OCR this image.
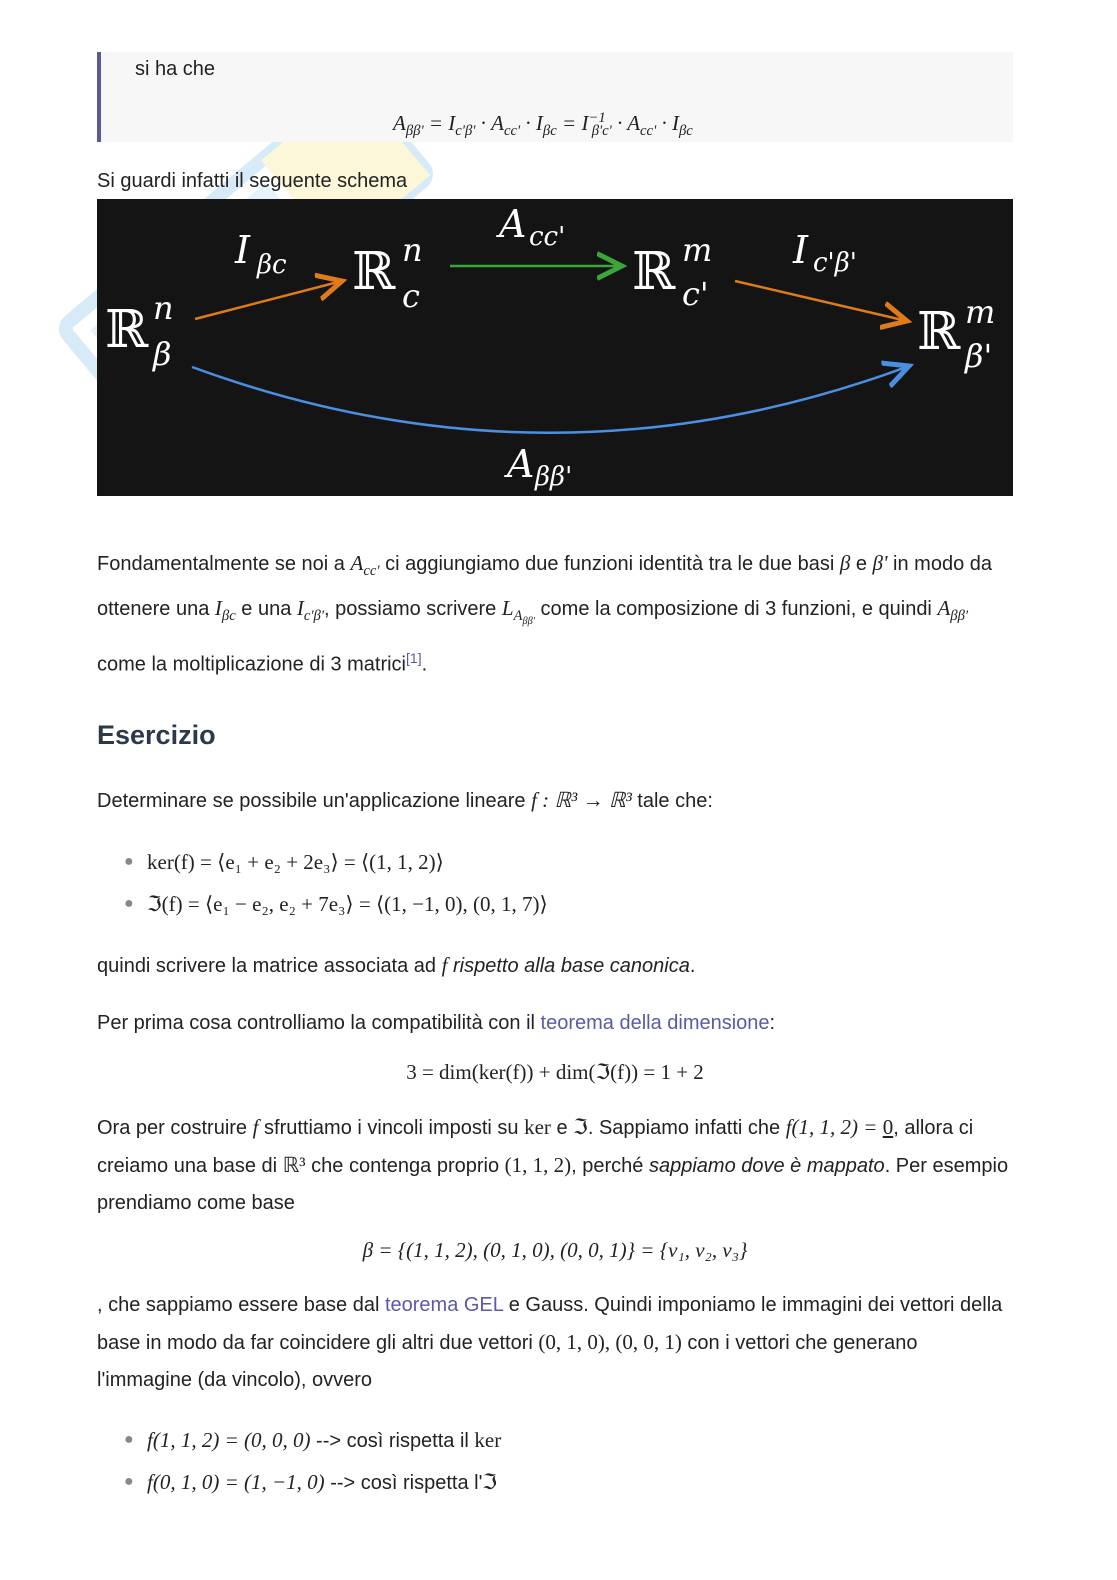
si ha che
$A_{\beta\beta'} = I_{c'\beta'} \cdot A_{cc'} \cdot I_{\beta c} = I^{-1}_{\beta'c'} \cdot A_{cc'} \cdot I_{\beta c}$
Si guardi infatti il seguente schema
ℝ n
β
ℝ n
c	ℝ m
c'
ℝ m
β'
I βc
A cc'	I c'β'
A ββ'
Fondamentalmente se noi a $A_{cc'}$ ci aggiungiamo due funzioni identità tra le due basi β e β' in modo da ottenere una $I_{\beta c}$ e una $I_{c'\beta'}$, possiamo scrivere $L_{A_{\beta\beta'}}$ come la composizione di 3 funzioni, e quindi $A_{\beta\beta'}$ come la moltiplicazione di 3 matrici[1].
Esercizio
Determinare se possibile un'applicazione lineare f : ℝ³ → ℝ³ tale che:
● ker(f) = ⟨e₁ + e₂ + 2e₃⟩ = ⟨(1, 1, 2)⟩
● ℑ(f) = ⟨e₁ − e₂, e₂ + 7e₃⟩ = ⟨(1, −1, 0), (0, 1, 7)⟩
quindi scrivere la matrice associata ad f rispetto alla base canonica.
Per prima cosa controlliamo la compatibilità con il teorema della dimensione:
3 = dim(ker(f)) + dim(ℑ(f)) = 1 + 2
Ora per costruire f sfruttiamo i vincoli imposti su ker e ℑ. Sappiamo infatti che f(1, 1, 2) = 0, allora ci creiamo una base di ℝ³ che contenga proprio (1, 1, 2), perché sappiamo dove è mappato. Per esempio prendiamo come base
β = {(1, 1, 2), (0, 1, 0), (0, 0, 1)} = {v₁, v₂, v₃}
, che sappiamo essere base dal teorema GEL e Gauss. Quindi imponiamo le immagini dei vettori della base in modo da far coincidere gli altri due vettori (0, 1, 0), (0, 0, 1) con i vettori che generano l'immagine (da vincolo), ovvero
● f(1, 1, 2) = (0, 0, 0) --> così rispetta il ker
● f(0, 1, 0) = (1, −1, 0) --> così rispetta l'ℑ
